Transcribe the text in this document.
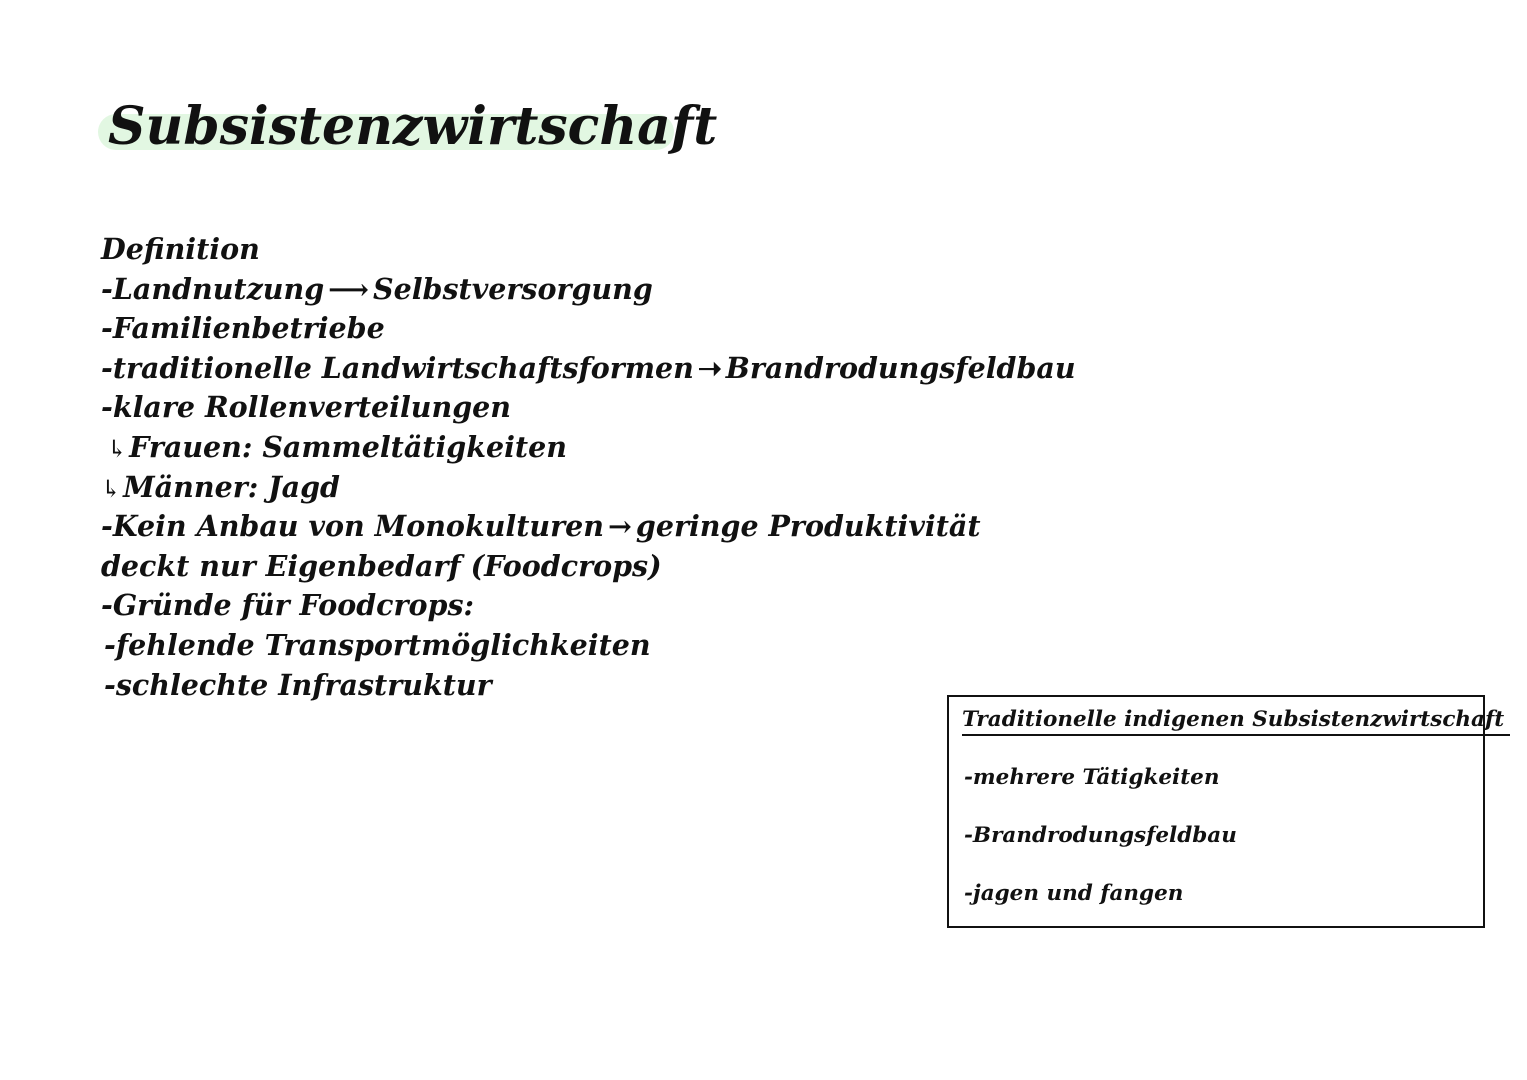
Subsistenzwirtschaft
Definition
-Landnutzung ⟶ Selbstversorgung
-Familienbetriebe
-traditionelle Landwirtschaftsformen ➝ Brandrodungsfeldbau
-klare Rollenverteilungen
↳Frauen: Sammeltätigkeiten
↳Männer: Jagd
-Kein Anbau von Monokulturen → geringe Produktivität
deckt nur Eigenbedarf (Foodcrops)
-Gründe für Foodcrops:
-fehlende Transportmöglichkeiten
-schlechte Infrastruktur
Traditionelle indigenen Subsistenzwirtschaft
-mehrere Tätigkeiten
-Brandrodungsfeldbau
-jagen und fangen
